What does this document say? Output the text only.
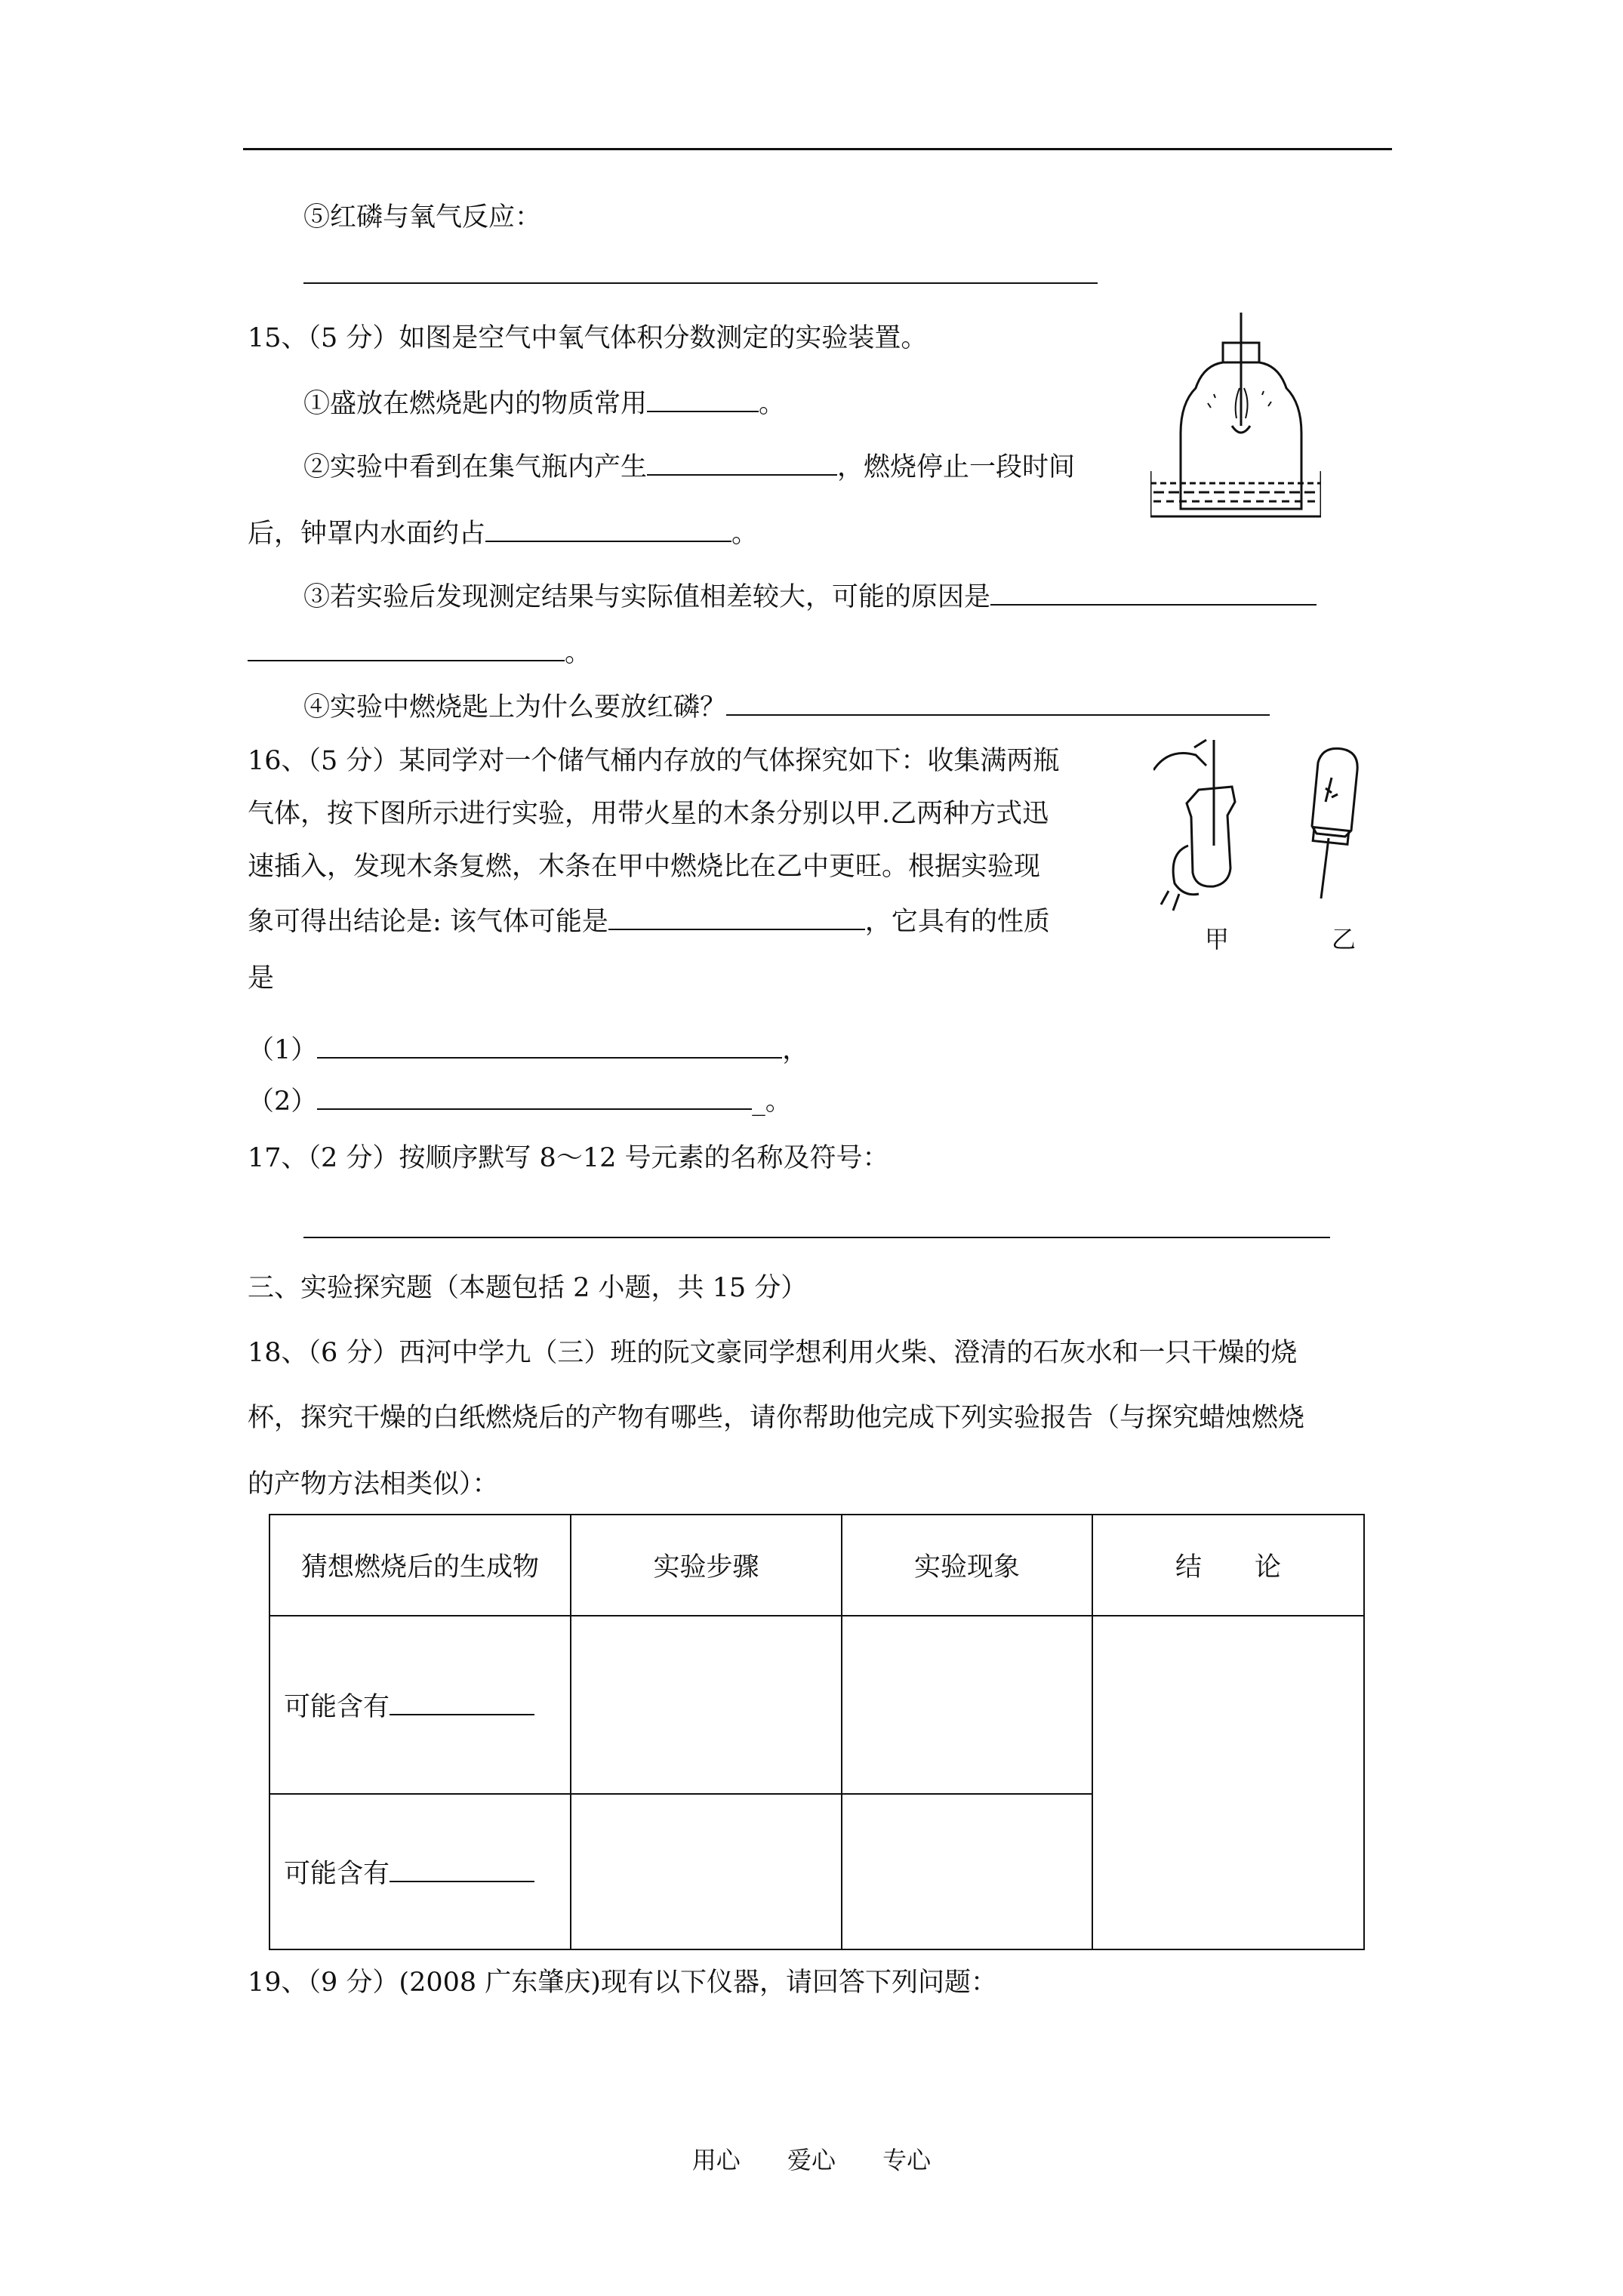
⑤红磷与氧气反应：
15、（5 分）如图是空气中氧气体积分数测定的实验装置。
①盛放在燃烧匙内的物质常用	。
②实验中看到在集气瓶内产生	，燃烧停止一段时间
后，钟罩内水面约占	。
③若实验后发现测定结果与实际值相差较大，可能的原因是
。
④实验中燃烧匙上为什么要放红磷？
16、（5 分）某同学对一个储气桶内存放的气体探究如下：收集满两瓶
气体，按下图所示进行实验，用带火星的木条分别以甲.乙两种方式迅
速插入，发现木条复燃，木条在甲中燃烧比在乙中更旺。根据实验现
象可得出结论是: 该气体可能是	，它具有的性质
是
（1）	，
（2）	_。
甲	乙
17、（2 分）按顺序默写 8～12 号元素的名称及符号：
三、实验探究题（本题包括 2 小题，共 15 分）
18、（6 分）西河中学九（三）班的阮文豪同学想利用火柴、澄清的石灰水和一只干燥的烧
杯，探究干燥的白纸燃烧后的产物有哪些，请你帮助他完成下列实验报告（与探究蜡烛燃烧
的产物方法相类似）：
猜想燃烧后的生成物	实验步骤	实验现象	结　　论
可能含有			
可能含有			
19、（9 分）(2008 广东肇庆)现有以下仪器，请回答下列问题：
用心 爱心 专心
